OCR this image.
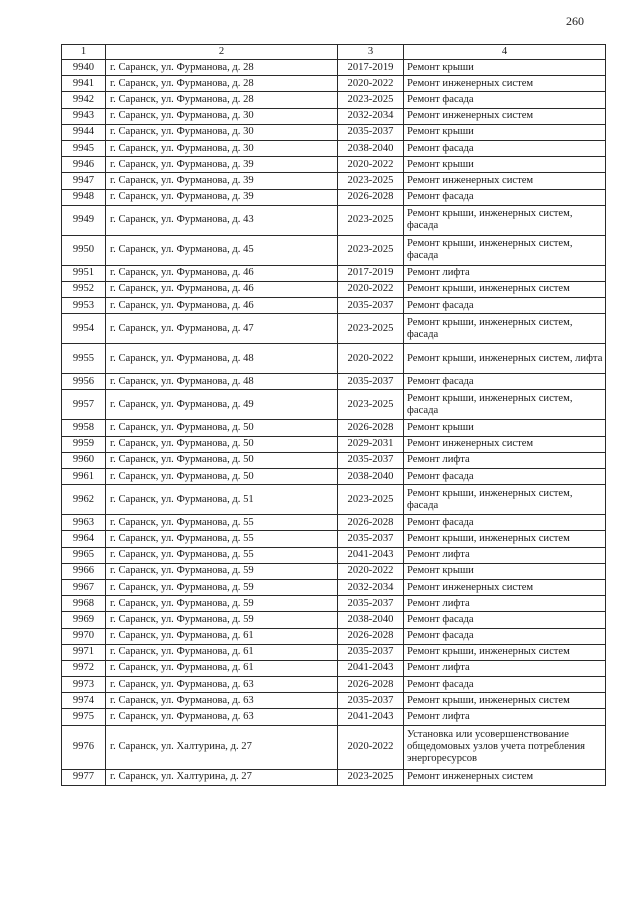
260
1	2	3	4
9940	г. Саранск, ул. Фурманова, д. 28	2017-2019	Ремонт крыши
9941	г. Саранск, ул. Фурманова, д. 28	2020-2022	Ремонт инженерных систем
9942	г. Саранск, ул. Фурманова, д. 28	2023-2025	Ремонт фасада
9943	г. Саранск, ул. Фурманова, д. 30	2032-2034	Ремонт инженерных систем
9944	г. Саранск, ул. Фурманова, д. 30	2035-2037	Ремонт крыши
9945	г. Саранск, ул. Фурманова, д. 30	2038-2040	Ремонт фасада
9946	г. Саранск, ул. Фурманова, д. 39	2020-2022	Ремонт крыши
9947	г. Саранск, ул. Фурманова, д. 39	2023-2025	Ремонт инженерных систем
9948	г. Саранск, ул. Фурманова, д. 39	2026-2028	Ремонт фасада
9949	г. Саранск, ул. Фурманова, д. 43	2023-2025	Ремонт крыши, инженерных систем, фасада
9950	г. Саранск, ул. Фурманова, д. 45	2023-2025	Ремонт крыши, инженерных систем, фасада
9951	г. Саранск, ул. Фурманова, д. 46	2017-2019	Ремонт лифта
9952	г. Саранск, ул. Фурманова, д. 46	2020-2022	Ремонт крыши, инженерных систем
9953	г. Саранск, ул. Фурманова, д. 46	2035-2037	Ремонт фасада
9954	г. Саранск, ул. Фурманова, д. 47	2023-2025	Ремонт крыши, инженерных систем, фасада
9955	г. Саранск, ул. Фурманова, д. 48	2020-2022	Ремонт крыши, инженерных систем, лифта
9956	г. Саранск, ул. Фурманова, д. 48	2035-2037	Ремонт фасада
9957	г. Саранск, ул. Фурманова, д. 49	2023-2025	Ремонт крыши, инженерных систем, фасада
9958	г. Саранск, ул. Фурманова, д. 50	2026-2028	Ремонт крыши
9959	г. Саранск, ул. Фурманова, д. 50	2029-2031	Ремонт инженерных систем
9960	г. Саранск, ул. Фурманова, д. 50	2035-2037	Ремонт лифта
9961	г. Саранск, ул. Фурманова, д. 50	2038-2040	Ремонт фасада
9962	г. Саранск, ул. Фурманова, д. 51	2023-2025	Ремонт крыши, инженерных систем, фасада
9963	г. Саранск, ул. Фурманова, д. 55	2026-2028	Ремонт фасада
9964	г. Саранск, ул. Фурманова, д. 55	2035-2037	Ремонт крыши, инженерных систем
9965	г. Саранск, ул. Фурманова, д. 55	2041-2043	Ремонт лифта
9966	г. Саранск, ул. Фурманова, д. 59	2020-2022	Ремонт крыши
9967	г. Саранск, ул. Фурманова, д. 59	2032-2034	Ремонт инженерных систем
9968	г. Саранск, ул. Фурманова, д. 59	2035-2037	Ремонт лифта
9969	г. Саранск, ул. Фурманова, д. 59	2038-2040	Ремонт фасада
9970	г. Саранск, ул. Фурманова, д. 61	2026-2028	Ремонт фасада
9971	г. Саранск, ул. Фурманова, д. 61	2035-2037	Ремонт крыши, инженерных систем
9972	г. Саранск, ул. Фурманова, д. 61	2041-2043	Ремонт лифта
9973	г. Саранск, ул. Фурманова, д. 63	2026-2028	Ремонт фасада
9974	г. Саранск, ул. Фурманова, д. 63	2035-2037	Ремонт крыши, инженерных систем
9975	г. Саранск, ул. Фурманова, д. 63	2041-2043	Ремонт лифта
9976	г. Саранск, ул. Халтурина, д. 27	2020-2022	Установка или усовершенствование общедомовых узлов учета потребления энергоресурсов
9977	г. Саранск, ул. Халтурина, д. 27	2023-2025	Ремонт инженерных систем
